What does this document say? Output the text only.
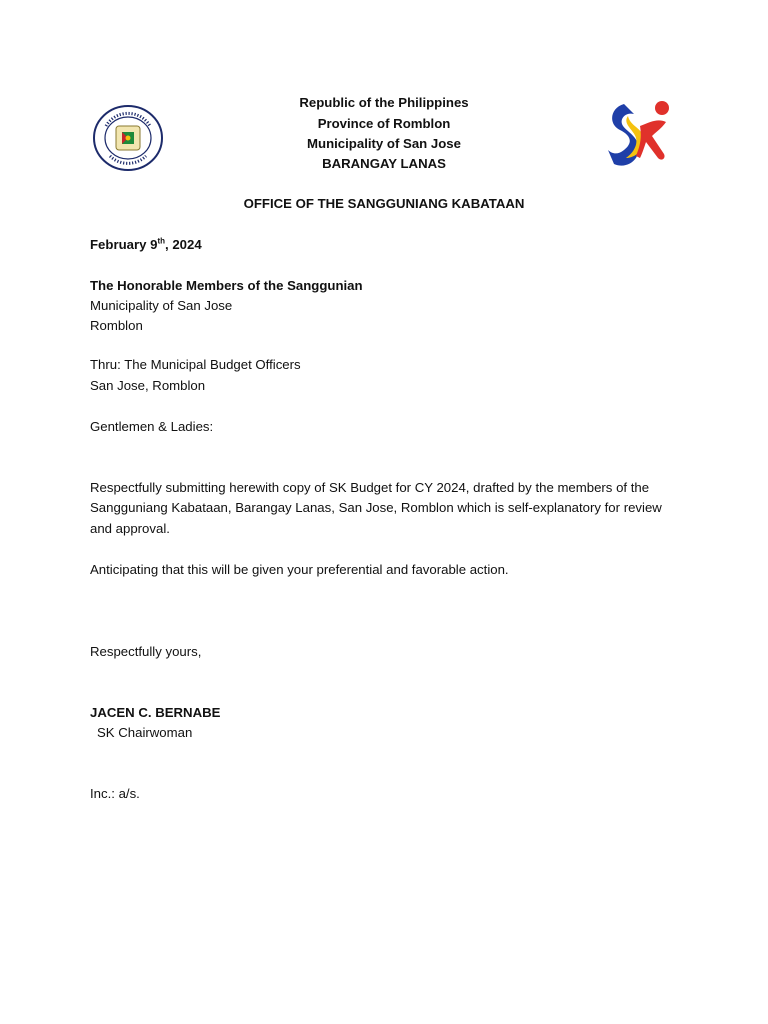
Republic of the Philippines
Province of Romblon
Municipality of San Jose
BARANGAY LANAS
OFFICE OF THE SANGGUNIANG KABATAAN
February 9th, 2024
The Honorable Members of the Sanggunian
Municipality of San Jose
Romblon
Thru: The Municipal Budget Officers
San Jose, Romblon
Gentlemen & Ladies:
Respectfully submitting herewith copy of SK Budget for CY 2024, drafted by the members of the Sangguniang Kabataan, Barangay Lanas, San Jose, Romblon which is self-explanatory for review and approval.
Anticipating that this will be given your preferential and favorable action.
Respectfully yours,
JACEN C. BERNABE
SK Chairwoman
Inc.: a/s.
